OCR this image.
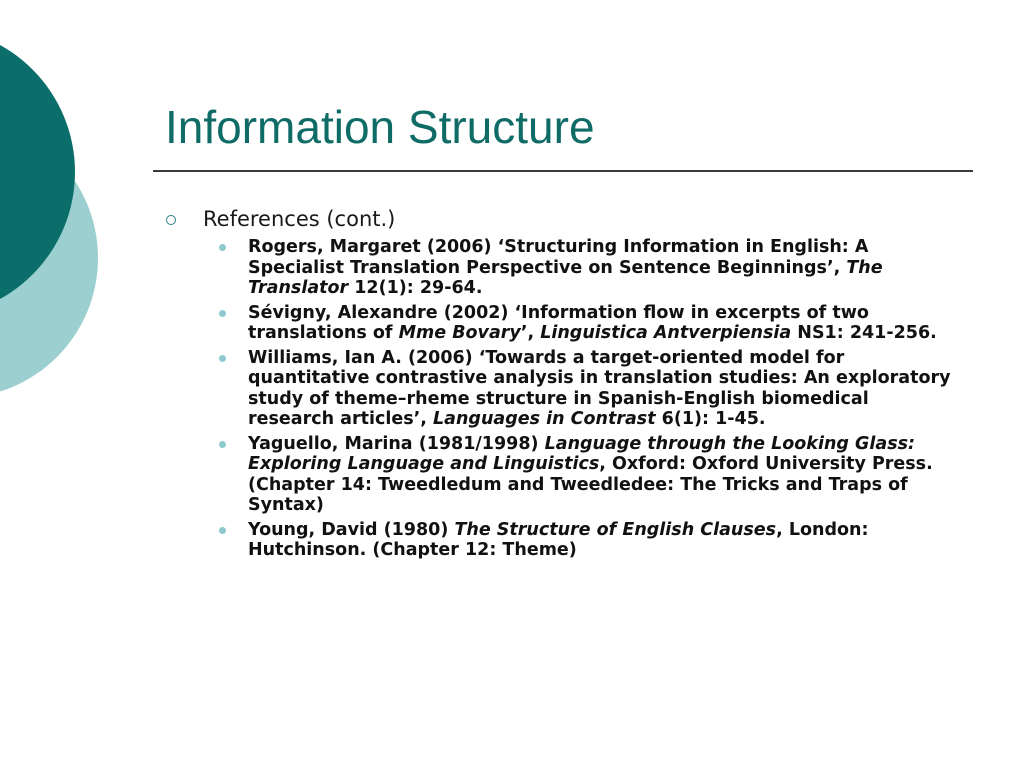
Information Structure
References (cont.)
Rogers, Margaret (2006) ‘Structuring Information in English: A Specialist Translation Perspective on Sentence Beginnings’, The Translator 12(1): 29-64.
Sévigny, Alexandre (2002) ‘Information flow in excerpts of two translations of Mme Bovary’, Linguistica Antverpiensia NS1: 241-256.
Williams, Ian A. (2006) ‘Towards a target-oriented model for quantitative contrastive analysis in translation studies: An exploratory study of theme–rheme structure in Spanish-English biomedical research articles’, Languages in Contrast 6(1): 1-45.
Yaguello, Marina (1981/1998) Language through the Looking Glass: Exploring Language and Linguistics, Oxford: Oxford University Press. (Chapter 14: Tweedledum and Tweedledee: The Tricks and Traps of Syntax)
Young, David (1980) The Structure of English Clauses, London: Hutchinson. (Chapter 12: Theme)
